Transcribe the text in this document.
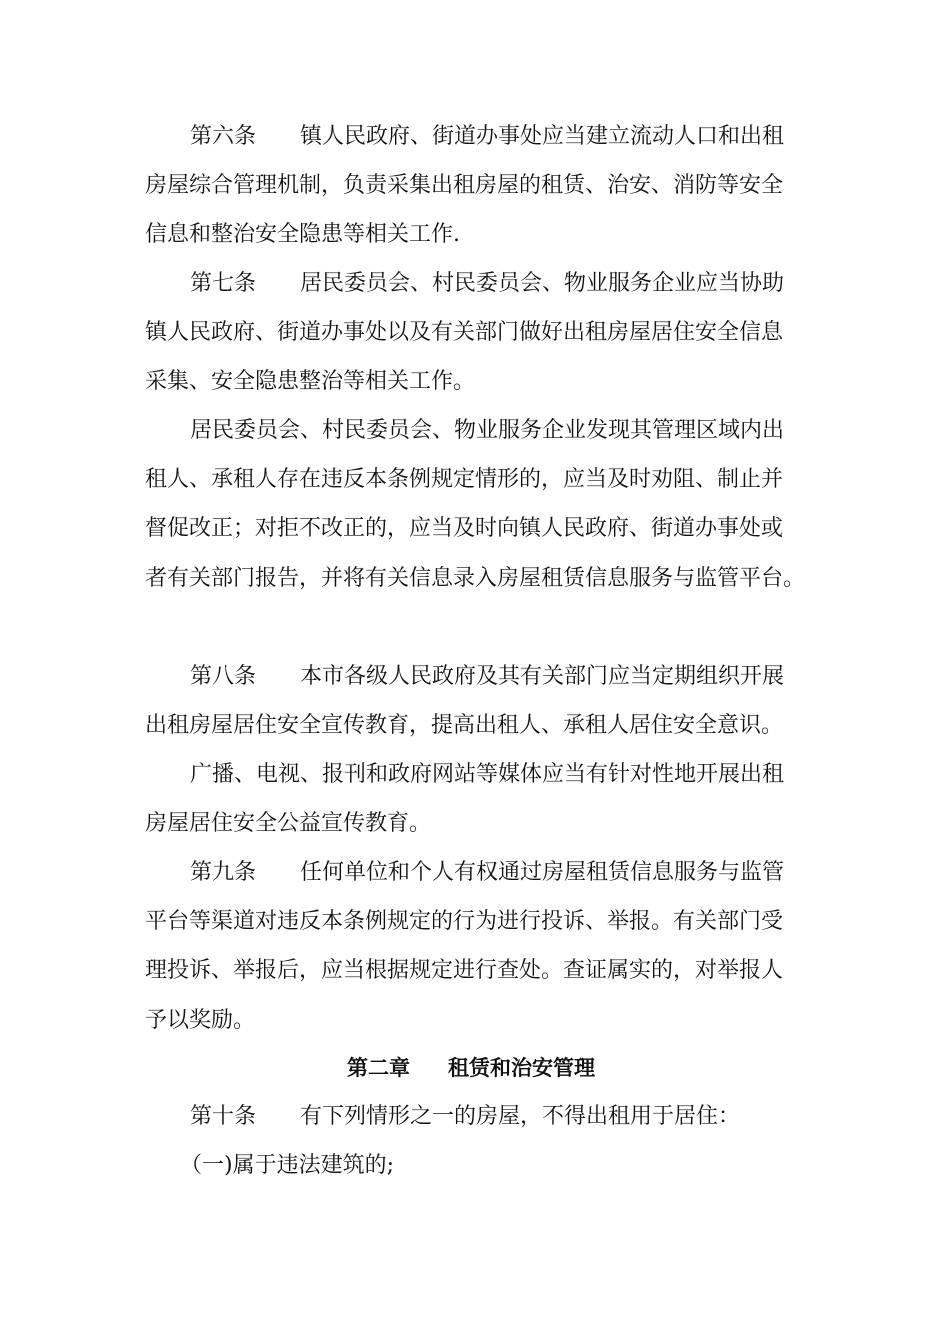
第六条 镇人民政府、街道办事处应当建立流动人口和出租
房屋综合管理机制，负责采集出租房屋的租赁、治安、消防等安全
信息和整治安全隐患等相关工作.
第七条 居民委员会、村民委员会、物业服务企业应当协助
镇人民政府、街道办事处以及有关部门做好出租房屋居住安全信息
采集、安全隐患整治等相关工作。
居民委员会、村民委员会、物业服务企业发现其管理区域内出
租人、承租人存在违反本条例规定情形的，应当及时劝阻、制止并
督促改正；对拒不改正的，应当及时向镇人民政府、街道办事处或
者有关部门报告，并将有关信息录入房屋租赁信息服务与监管平台。
第八条 本市各级人民政府及其有关部门应当定期组织开展
出租房屋居住安全宣传教育，提高出租人、承租人居住安全意识。
广播、电视、报刊和政府网站等媒体应当有针对性地开展出租
房屋居住安全公益宣传教育。
第九条 任何单位和个人有权通过房屋租赁信息服务与监管
平台等渠道对违反本条例规定的行为进行投诉、举报。有关部门受
理投诉、举报后，应当根据规定进行查处。查证属实的，对举报人
予以奖励。
第二章 租赁和治安管理
第十条 有下列情形之一的房屋，不得出租用于居住：
（一)属于违法建筑的;
